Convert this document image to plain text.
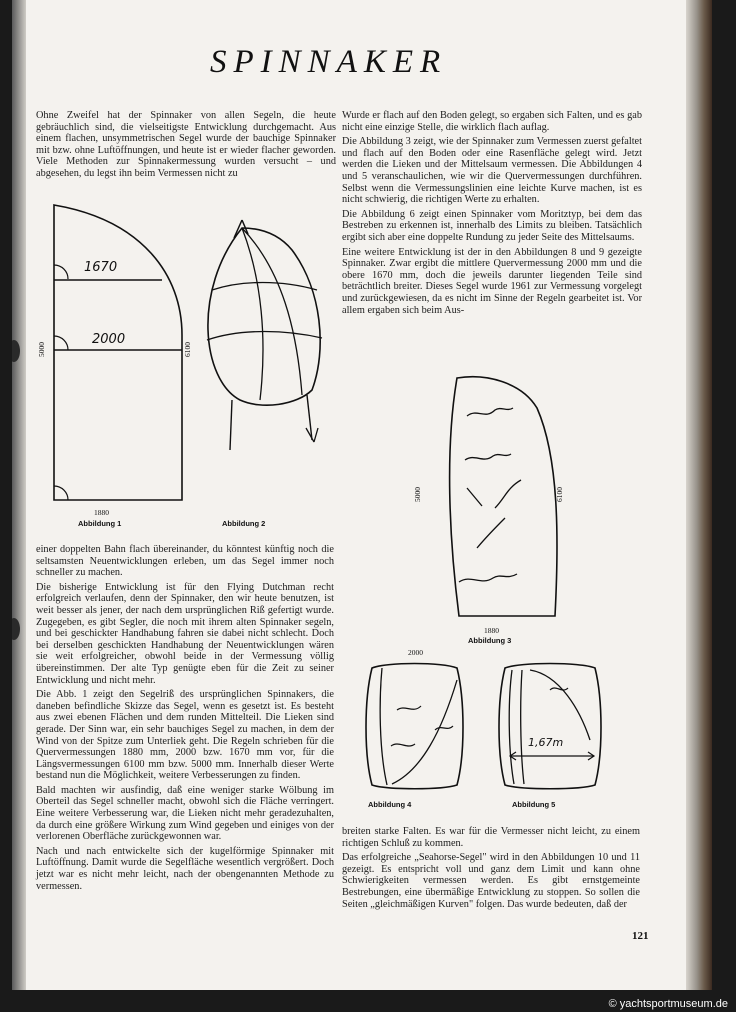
SPINNAKER

Ohne Zweifel hat der Spinnaker von allen Segeln, die heute gebräuchlich sind, die vielseitigste Entwicklung durchgemacht. Aus einem flachen, unsymmetrischen Segel wurde der bauchige Spinnaker mit bzw. ohne Luftöffnungen, und heute ist er wieder flacher geworden. Viele Methoden zur Spinnakermessung wurden versucht – und abgesehen, du legst ihn beim Vermessen nicht zu

Wurde er flach auf den Boden gelegt, so ergaben sich Falten, und es gab nicht eine einzige Stelle, die wirklich flach auflag.

Die Abbildung 3 zeigt, wie der Spinnaker zum Vermessen zuerst gefaltet und flach auf den Boden oder eine Rasenfläche gelegt wird. Jetzt werden die Lieken und der Mittelsaum vermessen. Die Abbildungen 4 und 5 veranschaulichen, wie wir die Quervermessungen durchführen. Selbst wenn die Vermessungslinien eine leichte Kurve machen, ist es nicht schwierig, die richtigen Werte zu erhalten.

Die Abbildung 6 zeigt einen Spinnaker vom Moritztyp, bei dem das Bestreben zu erkennen ist, innerhalb des Limits zu bleiben. Tatsächlich ergibt sich aber eine doppelte Rundung zu jeder Seite des Mittelsaums.

Eine weitere Entwicklung ist der in den Abbildungen 8 und 9 gezeigte Spinnaker. Zwar ergibt die mittlere Quervermessung 2000 mm und die obere 1670 mm, doch die jeweils darunter liegenden Teile sind beträchtlich breiter. Dieses Segel wurde 1961 zur Vermessung vorgelegt und zurückgewiesen, da es nicht im Sinne der Regeln gearbeitet ist. Vor allem ergaben sich beim Aus-

1670
2000
5000	6100
1880
Abbildung 1	Abbildung 2

einer doppelten Bahn flach übereinander, du könntest künftig noch die seltsamsten Neuentwicklungen erleben, um das Segel immer noch schneller zu machen.

Die bisherige Entwicklung ist für den Flying Dutchman recht erfolgreich verlaufen, denn der Spinnaker, den wir heute benutzen, ist weit besser als jener, der nach dem ursprünglichen Riß gefertigt wurde. Zugegeben, es gibt Segler, die noch mit ihrem alten Spinnaker segeln, und bei geschickter Handhabung fahren sie dabei nicht schlecht. Doch bei derselben geschickten Handhabung der Neuentwicklungen wären sie weit erfolgreicher, obwohl beide in der Vermessung völlig übereinstimmen. Der alte Typ genügte eben für die Zeit zu seiner Entwicklung und nicht mehr.

Die Abb. 1 zeigt den Segelriß des ursprünglichen Spinnakers, die daneben befindliche Skizze das Segel, wenn es gesetzt ist. Es besteht aus zwei ebenen Flächen und dem runden Mittelteil. Die Lieken sind gerade. Der Sinn war, ein sehr bauchiges Segel zu machen, in dem der Wind von der Spitze zum Unterliek geht. Die Regeln schrieben für die Quervermessungen 1880 mm, 2000 bzw. 1670 mm vor, für die Längsvermessungen 6100 mm bzw. 5000 mm. Innerhalb dieser Werte bestand nun die Möglichkeit, weitere Verbesserungen zu finden.

Bald machten wir ausfindig, daß eine weniger starke Wölbung im Oberteil das Segel schneller macht, obwohl sich die Fläche verringert. Eine weitere Verbesserung war, die Lieken nicht mehr geradezuhalten, da durch eine größere Wirkung zum Wind gegeben und einiges von der verlorenen Oberfläche zurückgewonnen war.

Nach und nach entwickelte sich der kugelförmige Spinnaker mit Luftöffnung. Damit wurde die Segelfläche wesentlich vergrößert. Doch jetzt war es nicht mehr leicht, nach der obengenannten Methode zu vermessen.

5000	6100
1880
Abbildung 3
2000
Abbildung 4
1,67m
Abbildung 5

breiten starke Falten. Es war für die Vermesser nicht leicht, zu einem richtigen Schluß zu kommen.

Das erfolgreiche „Seahorse-Segel" wird in den Abbildungen 10 und 11 gezeigt. Es entspricht voll und ganz dem Limit und kann ohne Schwierigkeiten vermessen werden. Es gibt ernstgemeinte Bestrebungen, eine übermäßige Entwicklung zu stoppen. So sollen die Seiten „gleichmäßigen Kurven" folgen. Das wurde bedeuten, daß der

121
© yachtsportmuseum.de
